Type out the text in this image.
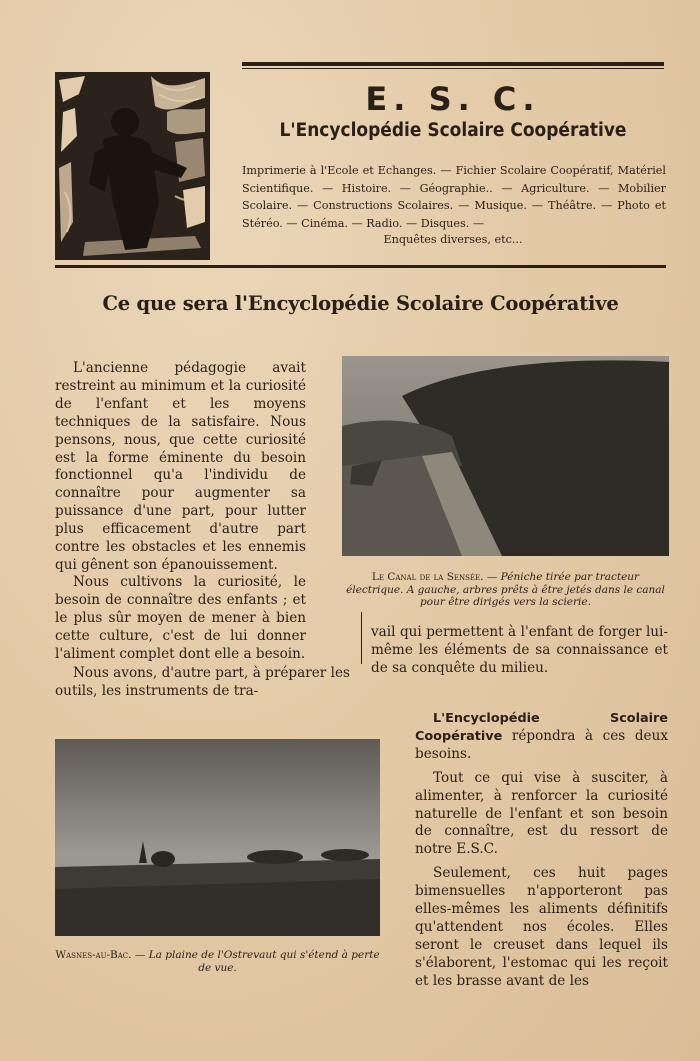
E. S. C.
L'Encyclopédie Scolaire Coopérative
Imprimerie à l'Ecole et Echanges. — Fichier Scolaire Coopératif, Matériel Scientifique. — Histoire. — Géographie.. — Agriculture. — Mobilier Scolaire. — Constructions Scolaires. — Musique. — Théâtre. — Photo et Stéréo. — Cinéma. — Radio. — Disques. —
Enquêtes diverses, etc...
Ce que sera l'Encyclopédie Scolaire Coopérative

L'ancienne pédagogie avait restreint au minimum et la curiosité de l'enfant et les moyens techniques de la satisfaire. Nous pensons, nous, que cette curiosité est la forme éminente du besoin fonctionnel qu'a l'individu de connaître pour augmenter sa puissance d'une part, pour lutter plus efficacement d'autre part contre les obstacles et les ennemis qui gênent son épanouissement.

Nous cultivons la curiosité, le besoin de connaître des enfants ; et le plus sûr moyen de mener à bien cette culture, c'est de lui donner l'aliment complet dont elle a besoin.

Nous avons, d'autre part, à préparer les outils, les instruments de tra-

Le Canal de la Sensée. — Péniche tirée par tracteur électrique. A gauche, arbres prêts à être jetés dans le canal pour être dirigés vers la scierie.

vail qui permettent à l'enfant de forger lui-même les éléments de sa connaissance et de sa conquête du milieu.

L'Encyclopédie Scolaire Coopérative répondra à ces deux besoins.

Tout ce qui vise à susciter, à alimenter, à renforcer la curiosité naturelle de l'enfant et son besoin de connaître, est du ressort de notre E.S.C.

Seulement, ces huit pages bimensuelles n'apporteront pas elles-mêmes les aliments définitifs qu'attendent nos écoles. Elles seront le creuset dans lequel ils s'élaborent, l'estomac qui les reçoit et les brasse avant de les

Wasnes-au-Bac. — La plaine de l'Ostrevaut qui s'étend à perte de vue.
